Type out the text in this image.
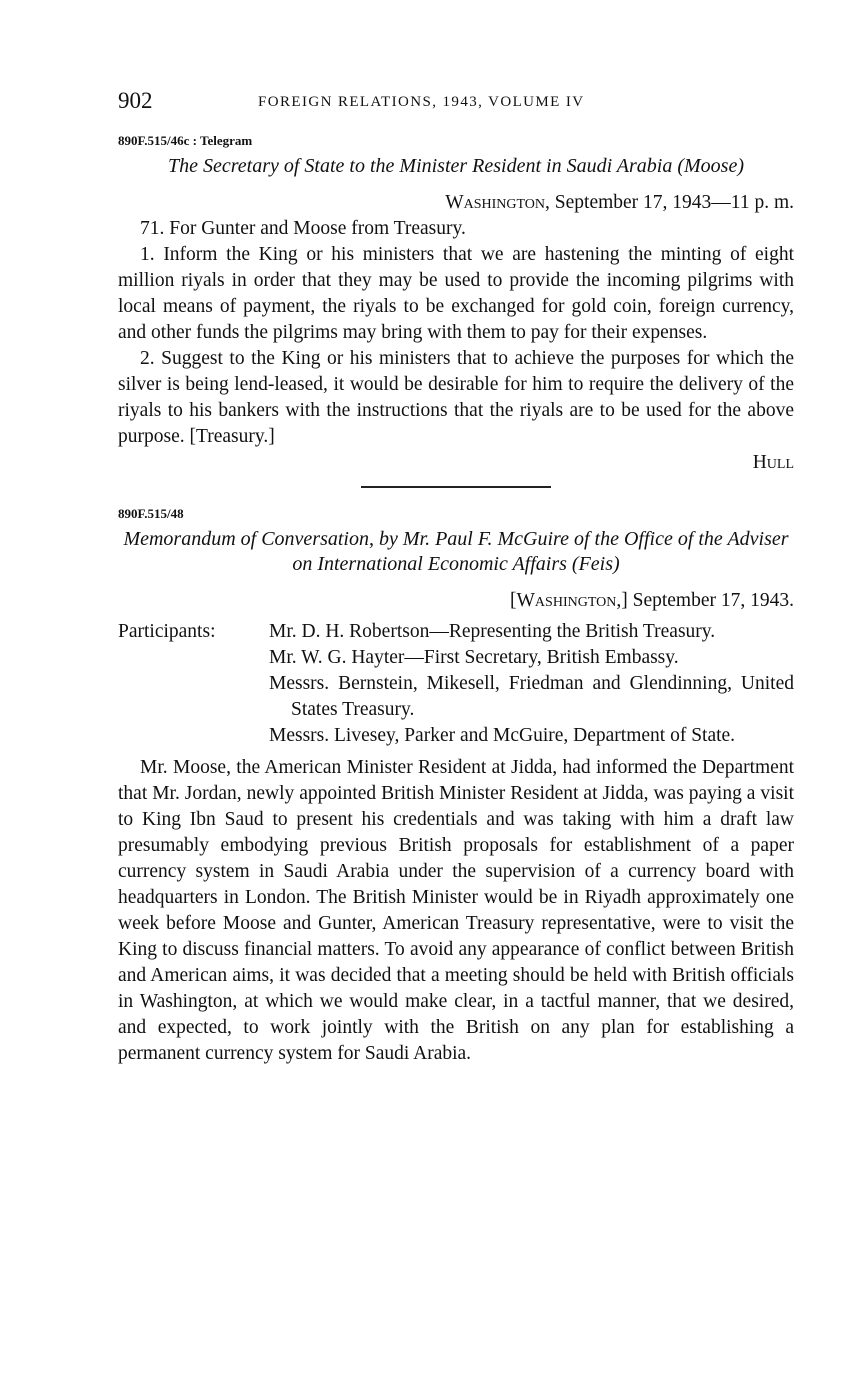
902	FOREIGN RELATIONS, 1943, VOLUME IV
890F.515/46c : Telegram
The Secretary of State to the Minister Resident in Saudi Arabia (Moose)
Washington, September 17, 1943—11 p. m.

71. For Gunter and Moose from Treasury.

1. Inform the King or his ministers that we are hastening the minting of eight million riyals in order that they may be used to provide the incoming pilgrims with local means of payment, the riyals to be exchanged for gold coin, foreign currency, and other funds the pilgrims may bring with them to pay for their expenses.

2. Suggest to the King or his ministers that to achieve the purposes for which the silver is being lend-leased, it would be desirable for him to require the delivery of the riyals to his bankers with the instructions that the riyals are to be used for the above purpose. [Treasury.]

Hull
890F.515/48
Memorandum of Conversation, by Mr. Paul F. McGuire of the Office of the Adviser on International Economic Affairs (Feis)
[Washington,] September 17, 1943.
Participants:	Mr. D. H. Robertson—Representing the British Treasury.
Mr. W. G. Hayter—First Secretary, British Embassy.
Messrs. Bernstein, Mikesell, Friedman and Glendinning, United States Treasury.
Messrs. Livesey, Parker and McGuire, Department of State.

Mr. Moose, the American Minister Resident at Jidda, had informed the Department that Mr. Jordan, newly appointed British Minister Resident at Jidda, was paying a visit to King Ibn Saud to present his credentials and was taking with him a draft law presumably embodying previous British proposals for establishment of a paper currency system in Saudi Arabia under the supervision of a currency board with headquarters in London. The British Minister would be in Riyadh approximately one week before Moose and Gunter, American Treasury representative, were to visit the King to discuss financial matters. To avoid any appearance of conflict between British and American aims, it was decided that a meeting should be held with British officials in Washington, at which we would make clear, in a tactful manner, that we desired, and expected, to work jointly with the British on any plan for establishing a permanent currency system for Saudi Arabia.
